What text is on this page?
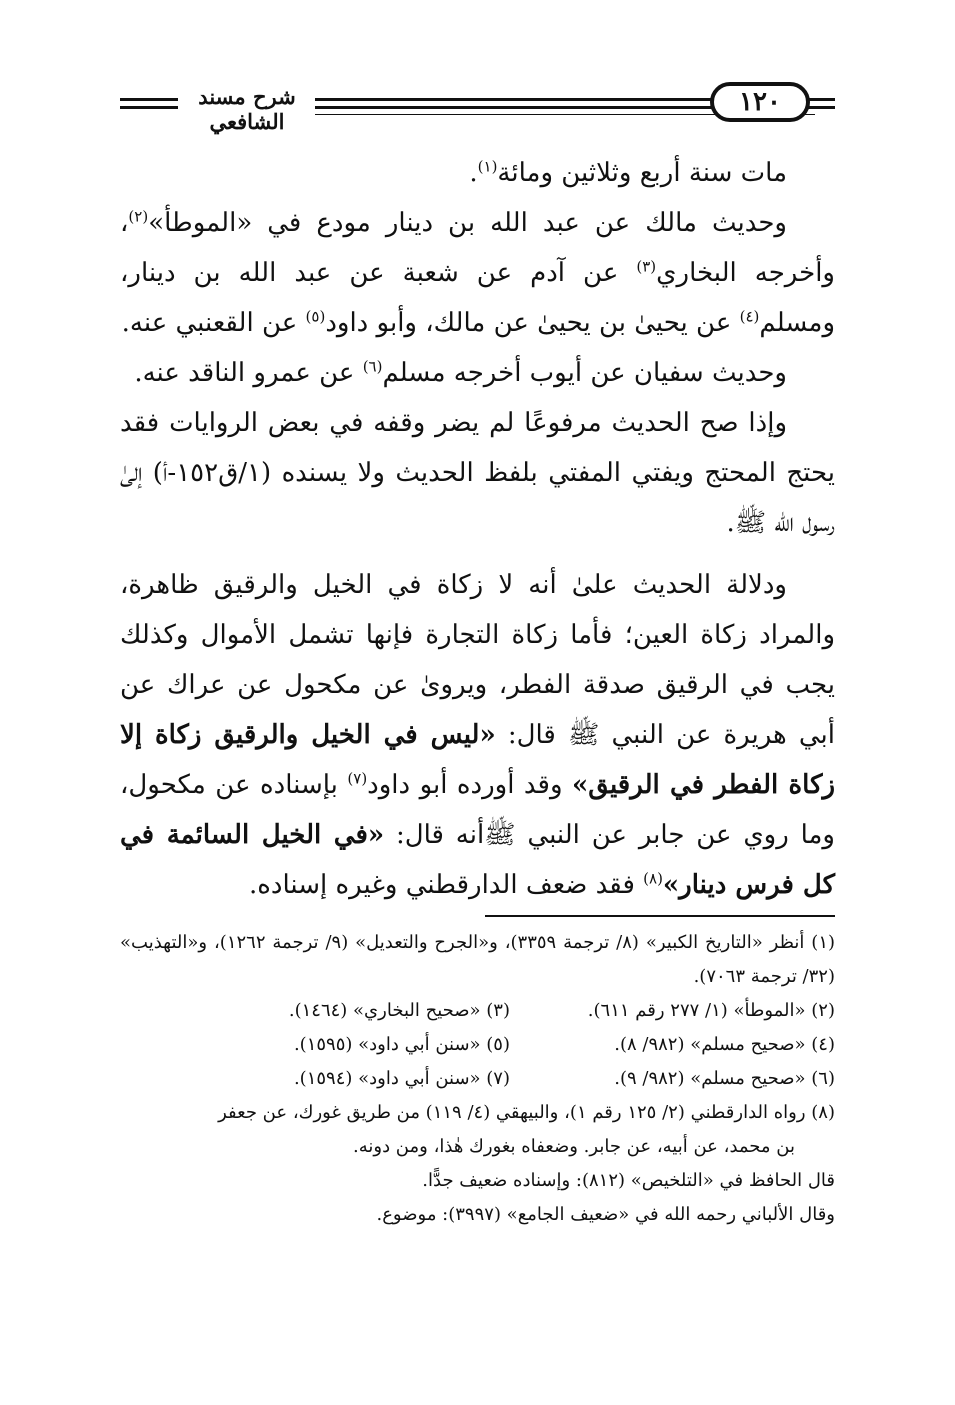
شرح مسند الشافعي
١٢٠

مات سنة أربع وثلاثين ومائة$^{(١)}$.

وحديث مالك عن عبد الله بن دينار مودع في «الموطأ»$^{(٢)}$، وأخرجه البخاري$^{(٣)}$ عن آدم عن شعبة عن عبد الله بن دينار، ومسلم$^{(٤)}$ عن يحيىٰ بن يحيىٰ عن مالك، وأبو داود$^{(٥)}$ عن القعنبي عنه.

وحديث سفيان عن أيوب أخرجه مسلم$^{(٦)}$ عن عمرو الناقد عنه.

وإذا صح الحديث مرفوعًا لم يضر وقفه في بعض الروايات فقد يحتج المحتج ويفتي المفتي بلفظ الحديث ولا يسنده (١/ق١٥٢-أ) إلىٰ رسول الله ﷺ.

ودلالة الحديث علىٰ أنه لا زكاة في الخيل والرقيق ظاهرة، والمراد زكاة العين؛ فأما زكاة التجارة فإنها تشمل الأموال وكذلك يجب في الرقيق صدقة الفطر، ويروىٰ عن مكحول عن عراك عن أبي هريرة عن النبي ﷺ قال: «ليس في الخيل والرقيق زكاة إلا زكاة الفطر في الرقيق» وقد أورده أبو داود$^{(٧)}$ بإسناده عن مكحول، وما روي عن جابر عن النبي ﷺأنه قال: «في الخيل السائمة في كل فرس دينار»$^{(٨)}$ فقد ضعف الدارقطني وغيره إسناده.

(١) أنظر «التاريخ الكبير» (٨/ ترجمة ٣٣٥٩)، و«الجرح والتعديل» (٩/ ترجمة ١٢٦٢)، و«التهذيب» (٣٢/ ترجمة ٧٠٦٣).

(٢) «الموطأ» (١/ ٢٧٧ رقم ٦١١).
(٣) «صحيح البخاري» (١٤٦٤).
(٤) «صحيح مسلم» (٩٨٢/ ٨).
(٥) «سنن أبي داود» (١٥٩٥).
(٦) «صحيح مسلم» (٩٨٢/ ٩).
(٧) «سنن أبي داود» (١٥٩٤).

(٨) رواه الدارقطني (٢/ ١٢٥ رقم ١)، والبيهقي (٤/ ١١٩) من طريق غورك، عن جعفر

بن محمد، عن أبيه، عن جابر. وضعفاه بغورك هٰذا، ومن دونه.

قال الحافظ في «التلخيص» (٨١٢): وإسناده ضعيف جدًّا.

وقال الألباني رحمه الله في «ضعيف الجامع» (٣٩٩٧): موضوع.
